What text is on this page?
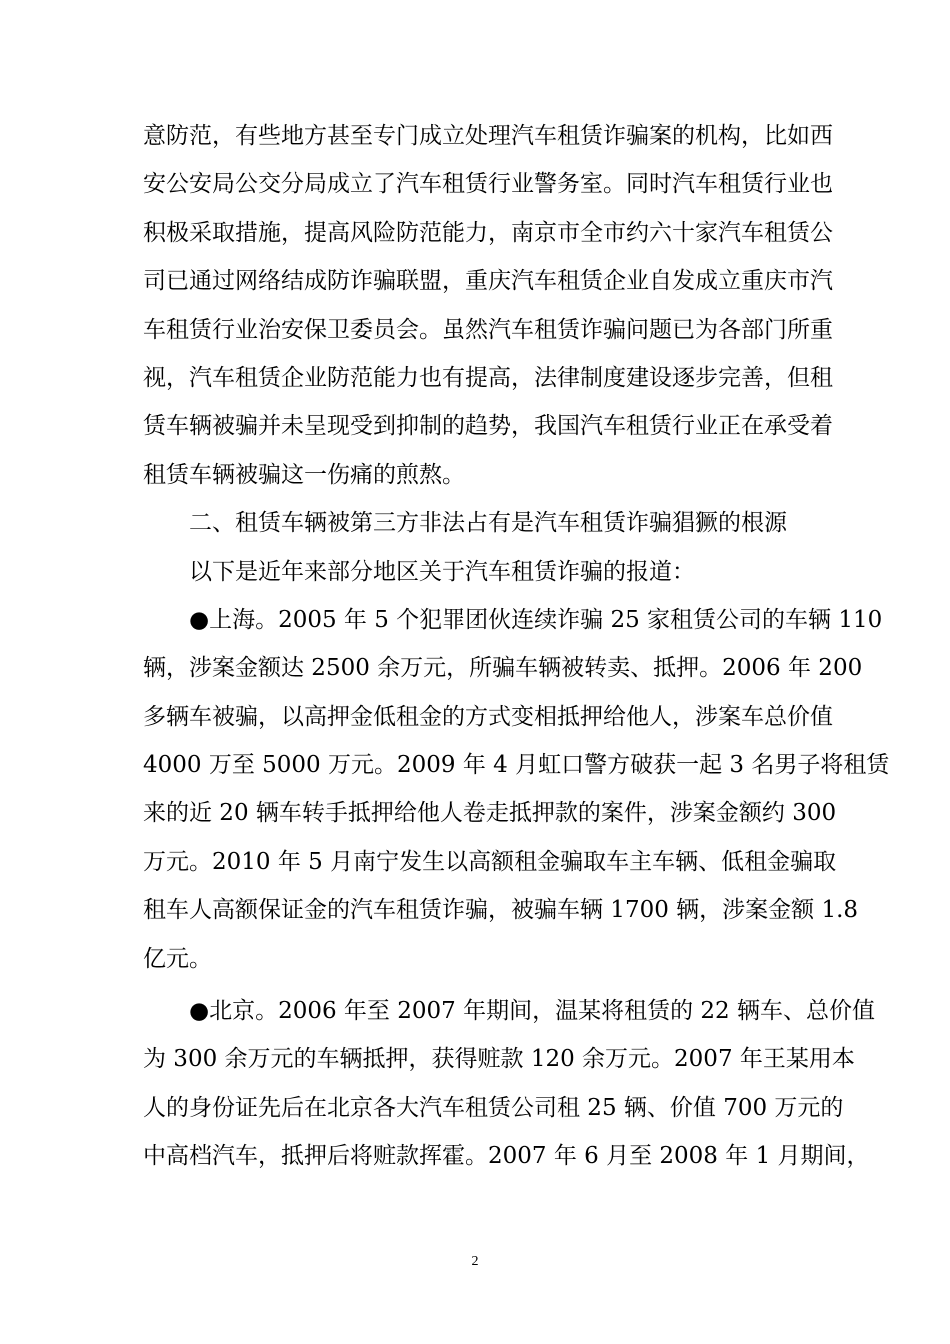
意防范，有些地方甚至专门成立处理汽车租赁诈骗案的机构，比如西
安公安局公交分局成立了汽车租赁行业警务室。同时汽车租赁行业也
积极采取措施，提高风险防范能力，南京市全市约六十家汽车租赁公
司已通过网络结成防诈骗联盟，重庆汽车租赁企业自发成立重庆市汽
车租赁行业治安保卫委员会。虽然汽车租赁诈骗问题已为各部门所重
视，汽车租赁企业防范能力也有提高，法律制度建设逐步完善，但租
赁车辆被骗并未呈现受到抑制的趋势，我国汽车租赁行业正在承受着
租赁车辆被骗这一伤痛的煎熬。
二、租赁车辆被第三方非法占有是汽车租赁诈骗猖獗的根源
以下是近年来部分地区关于汽车租赁诈骗的报道：
●上海。2005 年 5 个犯罪团伙连续诈骗 25 家租赁公司的车辆 110
辆，涉案金额达 2500 余万元，所骗车辆被转卖、抵押。2006 年 200
多辆车被骗，以高押金低租金的方式变相抵押给他人，涉案车总价值
4000 万至 5000 万元。2009 年 4 月虹口警方破获一起 3 名男子将租赁
来的近 20 辆车转手抵押给他人卷走抵押款的案件，涉案金额约 300
万元。2010 年 5 月南宁发生以高额租金骗取车主车辆、低租金骗取
租车人高额保证金的汽车租赁诈骗，被骗车辆 1700 辆，涉案金额 1.8
亿元。
●北京。2006 年至 2007 年期间，温某将租赁的 22 辆车、总价值
为 300 余万元的车辆抵押，获得赃款 120 余万元。2007 年王某用本
人的身份证先后在北京各大汽车租赁公司租 25 辆、价值 700 万元的
中高档汽车，抵押后将赃款挥霍。2007 年 6 月至 2008 年 1 月期间，
2
